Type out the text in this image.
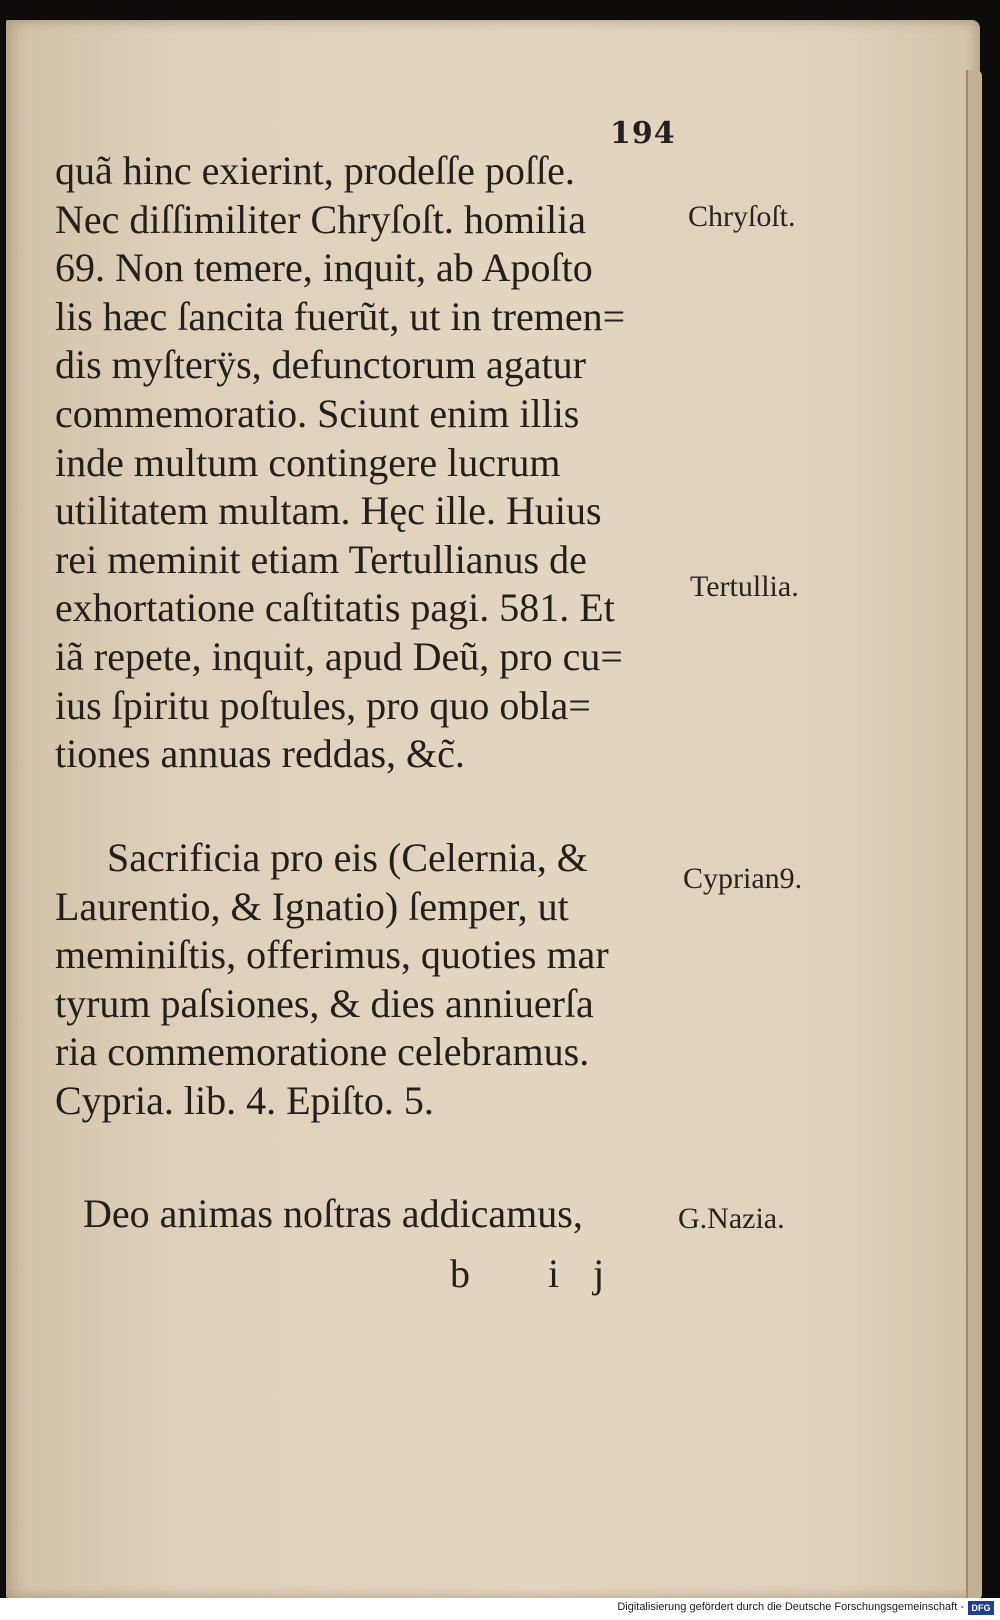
194
quã hinc exierint, prodeſſe poſſe.
Nec diſſimiliter Chryſoſt. homilia
69. Non temere, inquit, ab Apoſto
lis hæc ſancita fuerũt, ut in tremen=
dis myſterÿs, defunctorum agatur
commemoratio. Sciunt enim illis
inde multum contingere lucrum
utilitatem multam. Hęc ille. Huius
rei meminit etiam Tertullianus de
exhortatione caſtitatis pagi. 581. Et
iã repete, inquit, apud Deũ, pro cu=
ius ſpiritu poſtules, pro quo obla=
tiones annuas reddas, &c̃.
Sacrificia pro eis (Celernia, &
Laurentio, & Ignatio) ſemper, ut
meminiſtis, offerimus, quoties mar
tyrum paſsiones, & dies anniuerſa
ria commemoratione celebramus.
Cypria. lib. 4. Epiſto. 5.
Deo animas noſtras addicamus,
b ij
Chryſoſt.
Tertullia.
Cyprian9.
G.Nazia.
Digitalisierung gefördert durch die Deutsche Forschungsgemeinschaft - DFG
